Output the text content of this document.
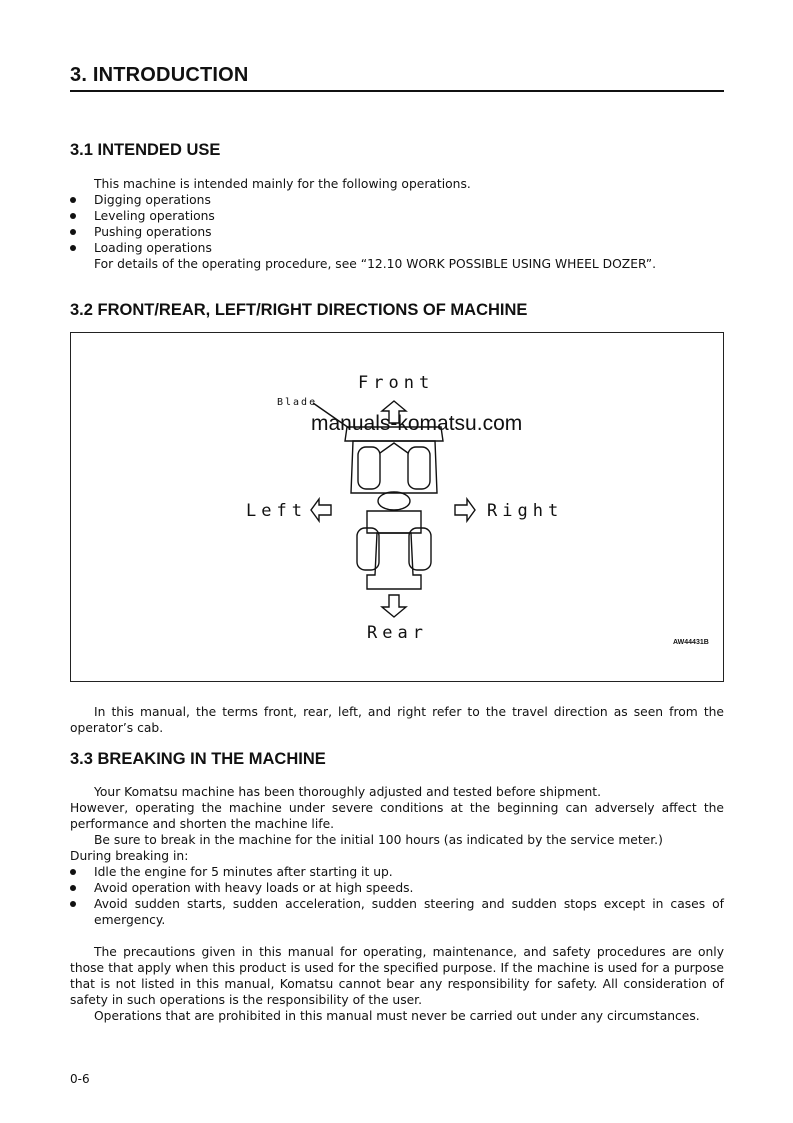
3. INTRODUCTION
3.1 INTENDED USE
This machine is intended mainly for the following operations.
Digging operations
Leveling operations
Pushing operations
Loading operations
For details of the operating procedure, see “12.10 WORK POSSIBLE USING WHEEL DOZER”.
3.2 FRONT/REAR, LEFT/RIGHT DIRECTIONS OF MACHINE
Front
Rear
Left	Right
Blade
manuals-komatsu.com
AW44431B
In this manual, the terms front, rear, left, and right refer to the travel direction as seen from the
operator’s cab.
3.3 BREAKING IN THE MACHINE
Your Komatsu machine has been thoroughly adjusted and tested before shipment.
However, operating the machine under severe conditions at the beginning can adversely affect the
performance and shorten the machine life.
Be sure to break in the machine for the initial 100 hours (as indicated by the service meter.)
During breaking in:
Idle the engine for 5 minutes after starting it up.
Avoid operation with heavy loads or at high speeds.
Avoid sudden starts, sudden acceleration, sudden steering and sudden stops except in cases of
emergency.
The precautions given in this manual for operating, maintenance, and safety procedures are only
those that apply when this product is used for the specified purpose. If the machine is used for a purpose
that is not listed in this manual, Komatsu cannot bear any responsibility for safety. All consideration of
safety in such operations is the responsibility of the user.
Operations that are prohibited in this manual must never be carried out under any circumstances.
0-6
